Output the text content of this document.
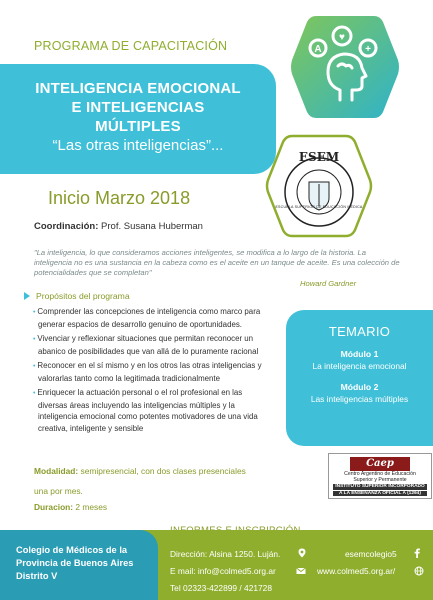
PROGRAMA DE CAPACITACIÓN
INTELIGENCIA EMOCIONAL
E INTELIGENCIAS
MÚLTIPLES
“Las otras inteligencias”...
A
♥
+
ESEM
ESCUELA SUPERIOR DE EDUCACIÓN MÉDICA
Inicio Marzo 2018
Coordinación: Prof. Susana Huberman
"La inteligencia, lo que consideramos acciones inteligentes, se modifica a lo largo de la historia. La inteligencia no es una sustancia en la cabeza como es el aceite en un tanque de aceite. Es una colección de potencialidades que se completan"
Howard Gardner
Propósitos del programa
• Comprender las concepciones de inteligencia como marco para generar espacios de desarrollo genuino de oportunidades.
• Vivenciar y reflexionar situaciones que permitan reconocer un abanico de posibilidades que van allá de lo puramente racional
• Reconocer en el sí mismo y en los otros las otras inteligencias y valorarlas tanto como la legitimada tradicionalmente
• Enriquecer la actuación personal o el rol profesional en las diversas áreas incluyendo las inteligencias múltiples y la inteligencia emocional como potentes motivadores de una vida creativa, inteligente y sensible
Modalidad: semipresencial, con dos clases presenciales
una por mes.
Duracion: 2 meses
TEMARIO
Módulo 1
La inteligencia emocional
Módulo 2
Las inteligencias múltiples
Caep
Centro Argentino de Educación
Superior y Permanente
INSTITUTO SUPERIOR INCORPORADO
A LA ENSEÑANZA OFICIAL A (1294)
Colegio de Médicos de la
Provincia de Buenos Aires
Distrito V
Dirección: Alsina 1250. Luján.
E mail: info@colmed5.org.ar
Tel 02323-422899 / 421728
esemcolegio5
www.colmed5.org.ar/
